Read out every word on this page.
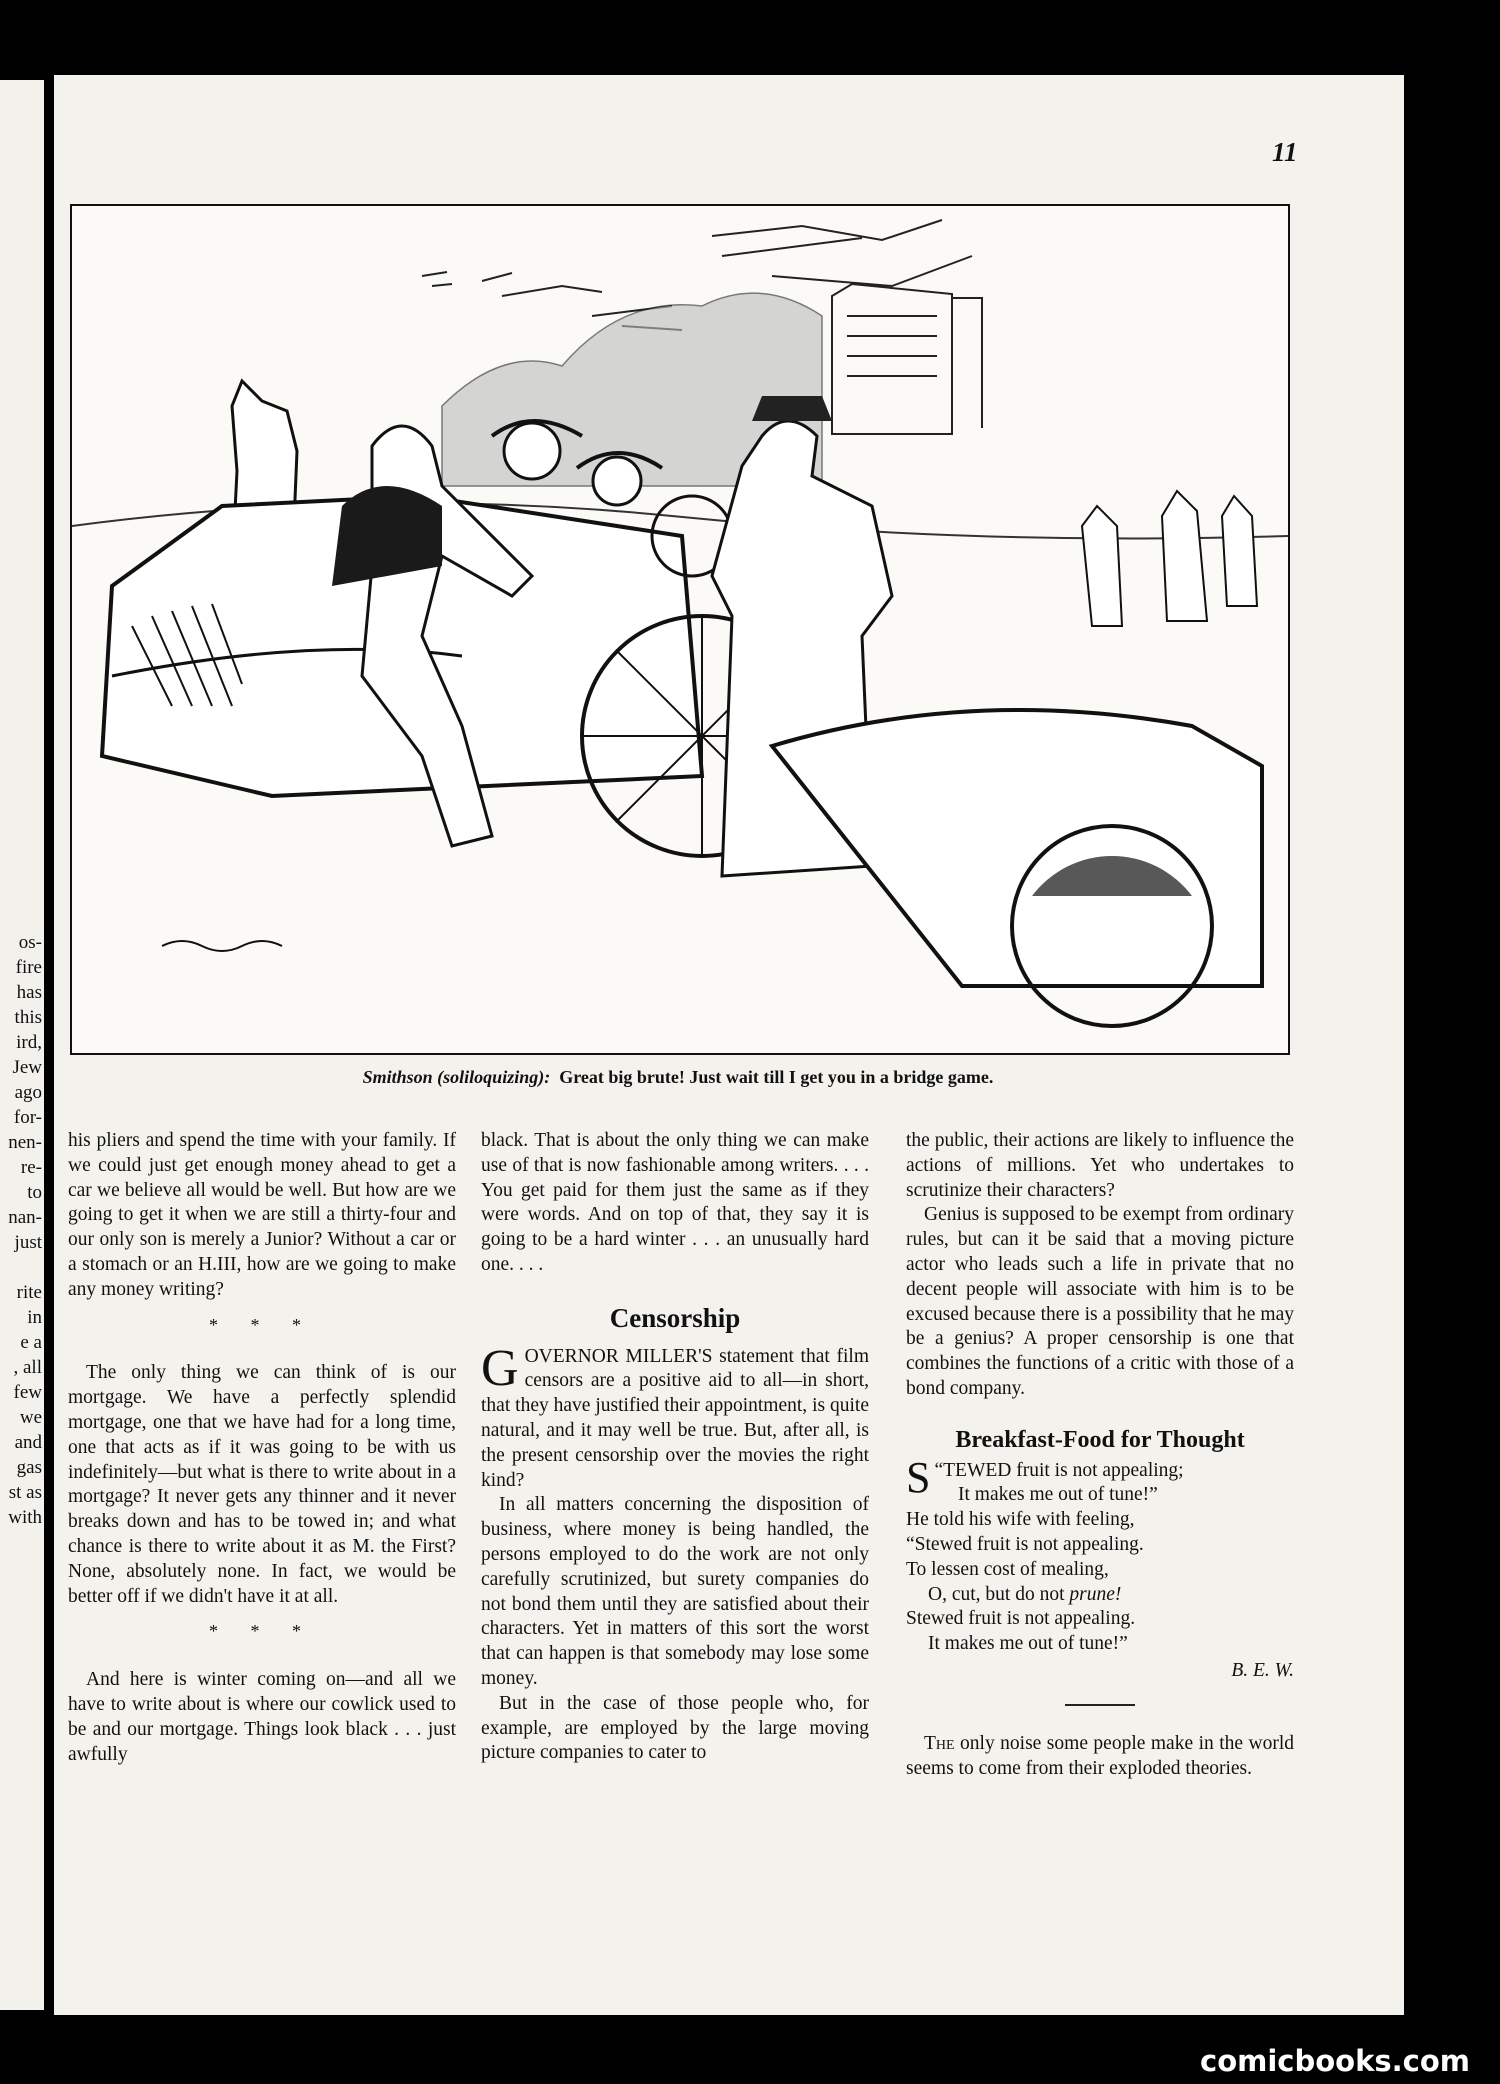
os-
fire
has
this
ird,
Jew
ago
for-
nen-
re-
to
nan-
just
rite
in
e a
, all
few
we
and
gas
st as
with
11
Smithson (soliloquizing): Great big brute! Just wait till I get you in a bridge game.

his pliers and spend the time with your family. If we could just get enough money ahead to get a car we believe all would be well. But how are we going to get it when we are still a thirty-four and our only son is merely a Junior? Without a car or a stomach or an H.III, how are we going to make any money writing?

* * *

The only thing we can think of is our mortgage. We have a perfectly splendid mortgage, one that we have had for a long time, one that acts as if it was going to be with us indefinitely—but what is there to write about in a mortgage? It never gets any thinner and it never breaks down and has to be towed in; and what chance is there to write about it as M. the First? None, absolutely none. In fact, we would be better off if we didn't have it at all.

* * *

And here is winter coming on—and all we have to write about is where our cowlick used to be and our mortgage. Things look black . . . just awfully

black. That is about the only thing we can make use of that is now fashionable among writers. . . . You get paid for them just the same as if they were words. And on top of that, they say it is going to be a hard winter . . . an unusually hard one. . . .

Censorship

GOVERNOR MILLER'S statement that film censors are a positive aid to all—in short, that they have justified their appointment, is quite natural, and it may well be true. But, after all, is the present censorship over the movies the right kind?

In all matters concerning the disposition of business, where money is being handled, the persons employed to do the work are not only carefully scrutinized, but surety companies do not bond them until they are satisfied about their characters. Yet in matters of this sort the worst that can happen is that somebody may lose some money.

But in the case of those people who, for example, are employed by the large moving picture companies to cater to

the public, their actions are likely to influence the actions of millions. Yet who undertakes to scrutinize their characters?

Genius is supposed to be exempt from ordinary rules, but can it be said that a moving picture actor who leads such a life in private that no decent people will associate with him is to be excused because there is a possibility that he may be a genius? A proper censorship is one that combines the functions of a critic with those of a bond company.

Breakfast-Food for Thought
“
S TEWED fruit is not appealing;
It makes me out of tune!”
He told his wife with feeling,
“Stewed fruit is not appealing.
To lessen cost of mealing,
O, cut, but do not prune!
Stewed fruit is not appealing.
It makes me out of tune!”
B. E. W.

The only noise some people make in the world seems to come from their exploded theories.

comicbooks.com
